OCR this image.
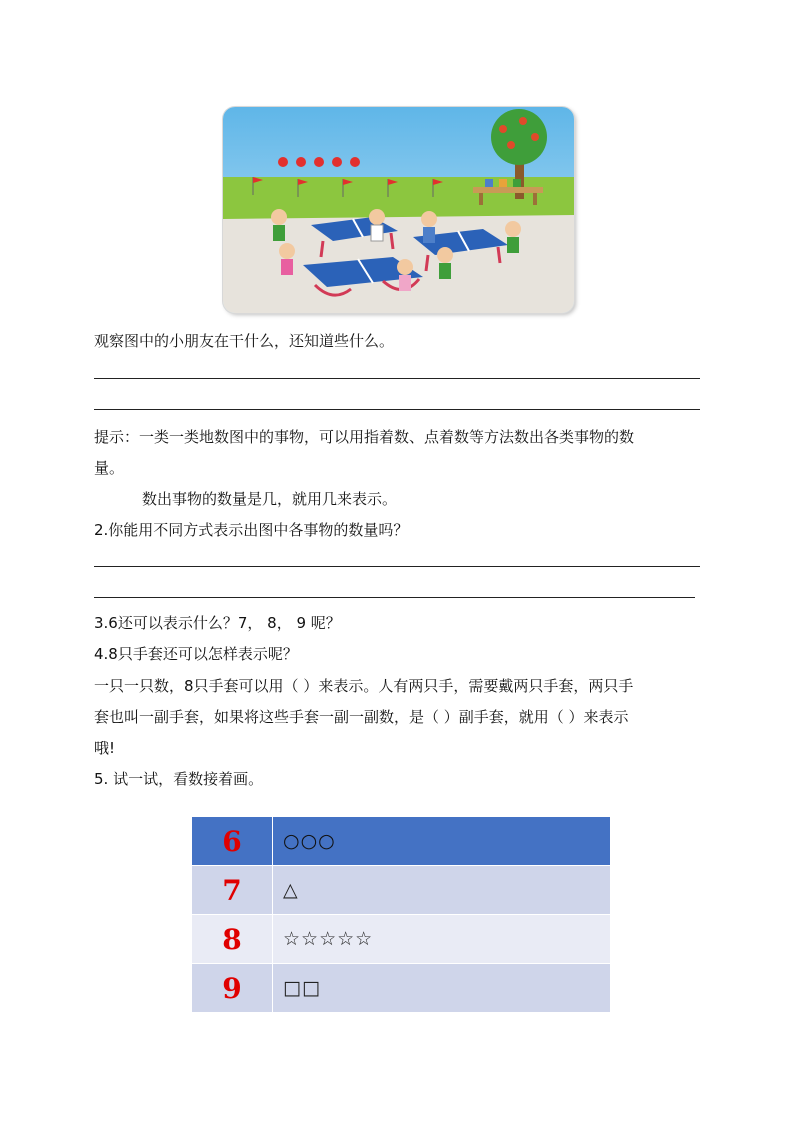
观察图中的小朋友在干什么，还知道些什么。
提示：一类一类地数图中的事物，可以用指着数、点着数等方法数出各类事物的数
量。
数出事物的数量是几，就用几来表示。
2.你能用不同方式表示出图中各事物的数量吗？
3.6还可以表示什么？7， 8， 9 呢？
4.8只手套还可以怎样表示呢？
一只一只数，8只手套可以用（ ）来表示。人有两只手，需要戴两只手套，两只手
套也叫一副手套，如果将这些手套一副一副数，是（ ）副手套，就用（ ）来表示
哦!
5. 试一试，看数接着画。
6	○○○
7	△
8	☆☆☆☆☆
9	□□
